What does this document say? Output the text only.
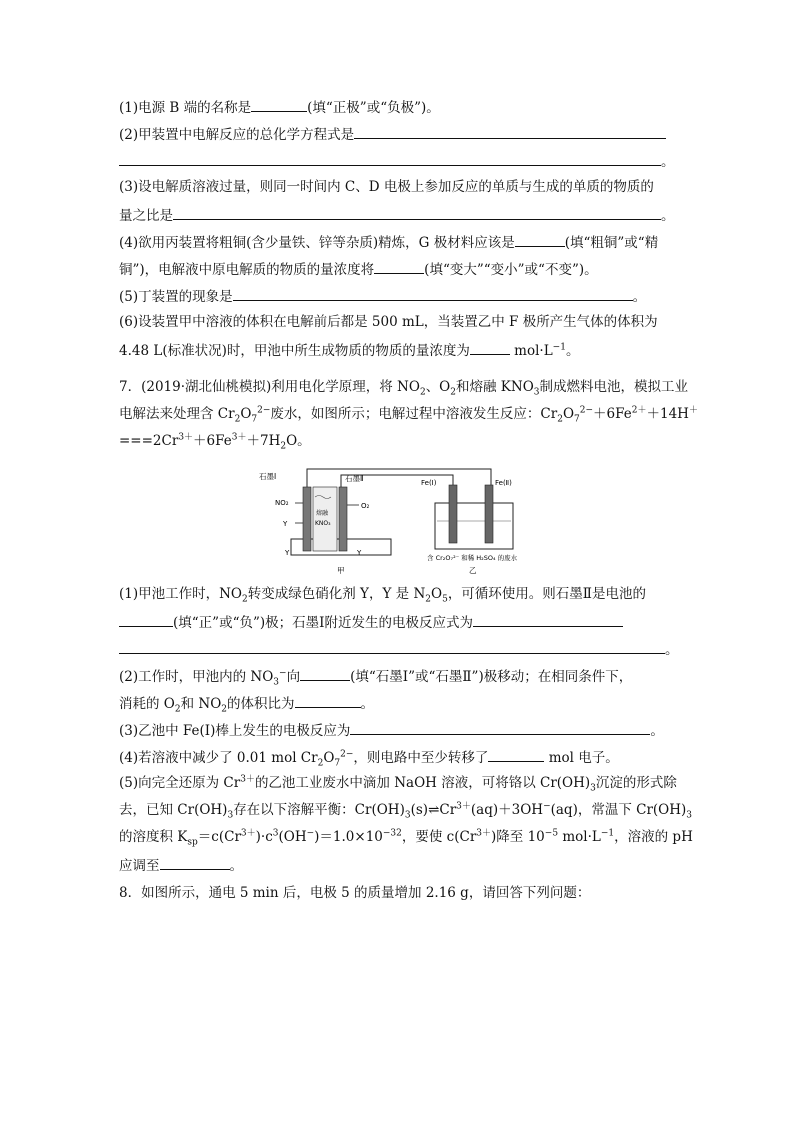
(1)电源 B 端的名称是	(填“正极”或“负极”)。
(2)甲装置中电解反应的总化学方程式是
。
(3)设电解质溶液过量，则同一时间内 C、D 电极上参加反应的单质与生成的单质的物质的
量之比是	。
(4)欲用丙装置将粗铜(含少量铁、锌等杂质)精炼，G 极材料应该是	(填“粗铜”或“精
铜”)，电解液中原电解质的物质的量浓度将	(填“变大”“变小”或“不变”)。
(5)丁装置的现象是	。
(6)设装置甲中溶液的体积在电解前后都是 500 mL，当装置乙中 F 极所产生气体的体积为
4.48 L(标准状况)时，甲池中所生成物质的物质的量浓度为	$mol\cdot L^{-1}$。
7．(2019·湖北仙桃模拟)利用电化学原理，将 $NO_2$、$O_2$和熔融 $KNO_3$制成燃料电池，模拟工业
电解法来处理含 $Cr_2O_7^{2-}$废水，如图所示；电解过程中溶液发生反应：$Cr_2O_7^{2-}+6Fe^{2+}+14H^+$
$===2Cr^{3+}+6Fe^{3+}+7H_2O$。
石墨Ⅰ	石墨Ⅱ
NO₂	O₂
熔融
KNO₃
Y
Y	Y
甲
Fe(Ⅰ)	Fe(Ⅱ)
含 Cr₂O₇²⁻ 和稀 H₂SO₄ 的废水
乙
(1)甲池工作时，$NO_2$转变成绿色硝化剂 Y，Y 是 $N_2O_5$，可循环使用。则石墨Ⅱ是电池的
(填“正”或“负”)极；石墨Ⅰ附近发生的电极反应式为
。
(2)工作时，甲池内的 $NO_3^-$向	(填“石墨Ⅰ”或“石墨Ⅱ”)极移动；在相同条件下，
消耗的 $O_2$和 $NO_2$的体积比为	。
(3)乙池中 Fe(Ⅰ)棒上发生的电极反应为	。
(4)若溶液中减少了 0.01 mol $Cr_2O_7^{2-}$，则电路中至少转移了	mol 电子。
(5)向完全还原为 $Cr^{3+}$的乙池工业废水中滴加 NaOH 溶液，可将铬以 $Cr(OH)_3$沉淀的形式除
去，已知 $Cr(OH)_3$存在以下溶解平衡：$Cr(OH)_3(s)\rightleftharpoons Cr^{3+}(aq)+3OH^-(aq)$，常温下 $Cr(OH)_3$
的溶度积 $K_{sp}=c(Cr^{3+})\cdot c^3(OH^-)=1.0\times 10^{-32}$，要使 $c(Cr^{3+})$降至 $10^{-5}$ $mol\cdot L^{-1}$，溶液的 pH
应调至	。
8．如图所示，通电 5 min 后，电极 5 的质量增加 2.16 g，请回答下列问题：
